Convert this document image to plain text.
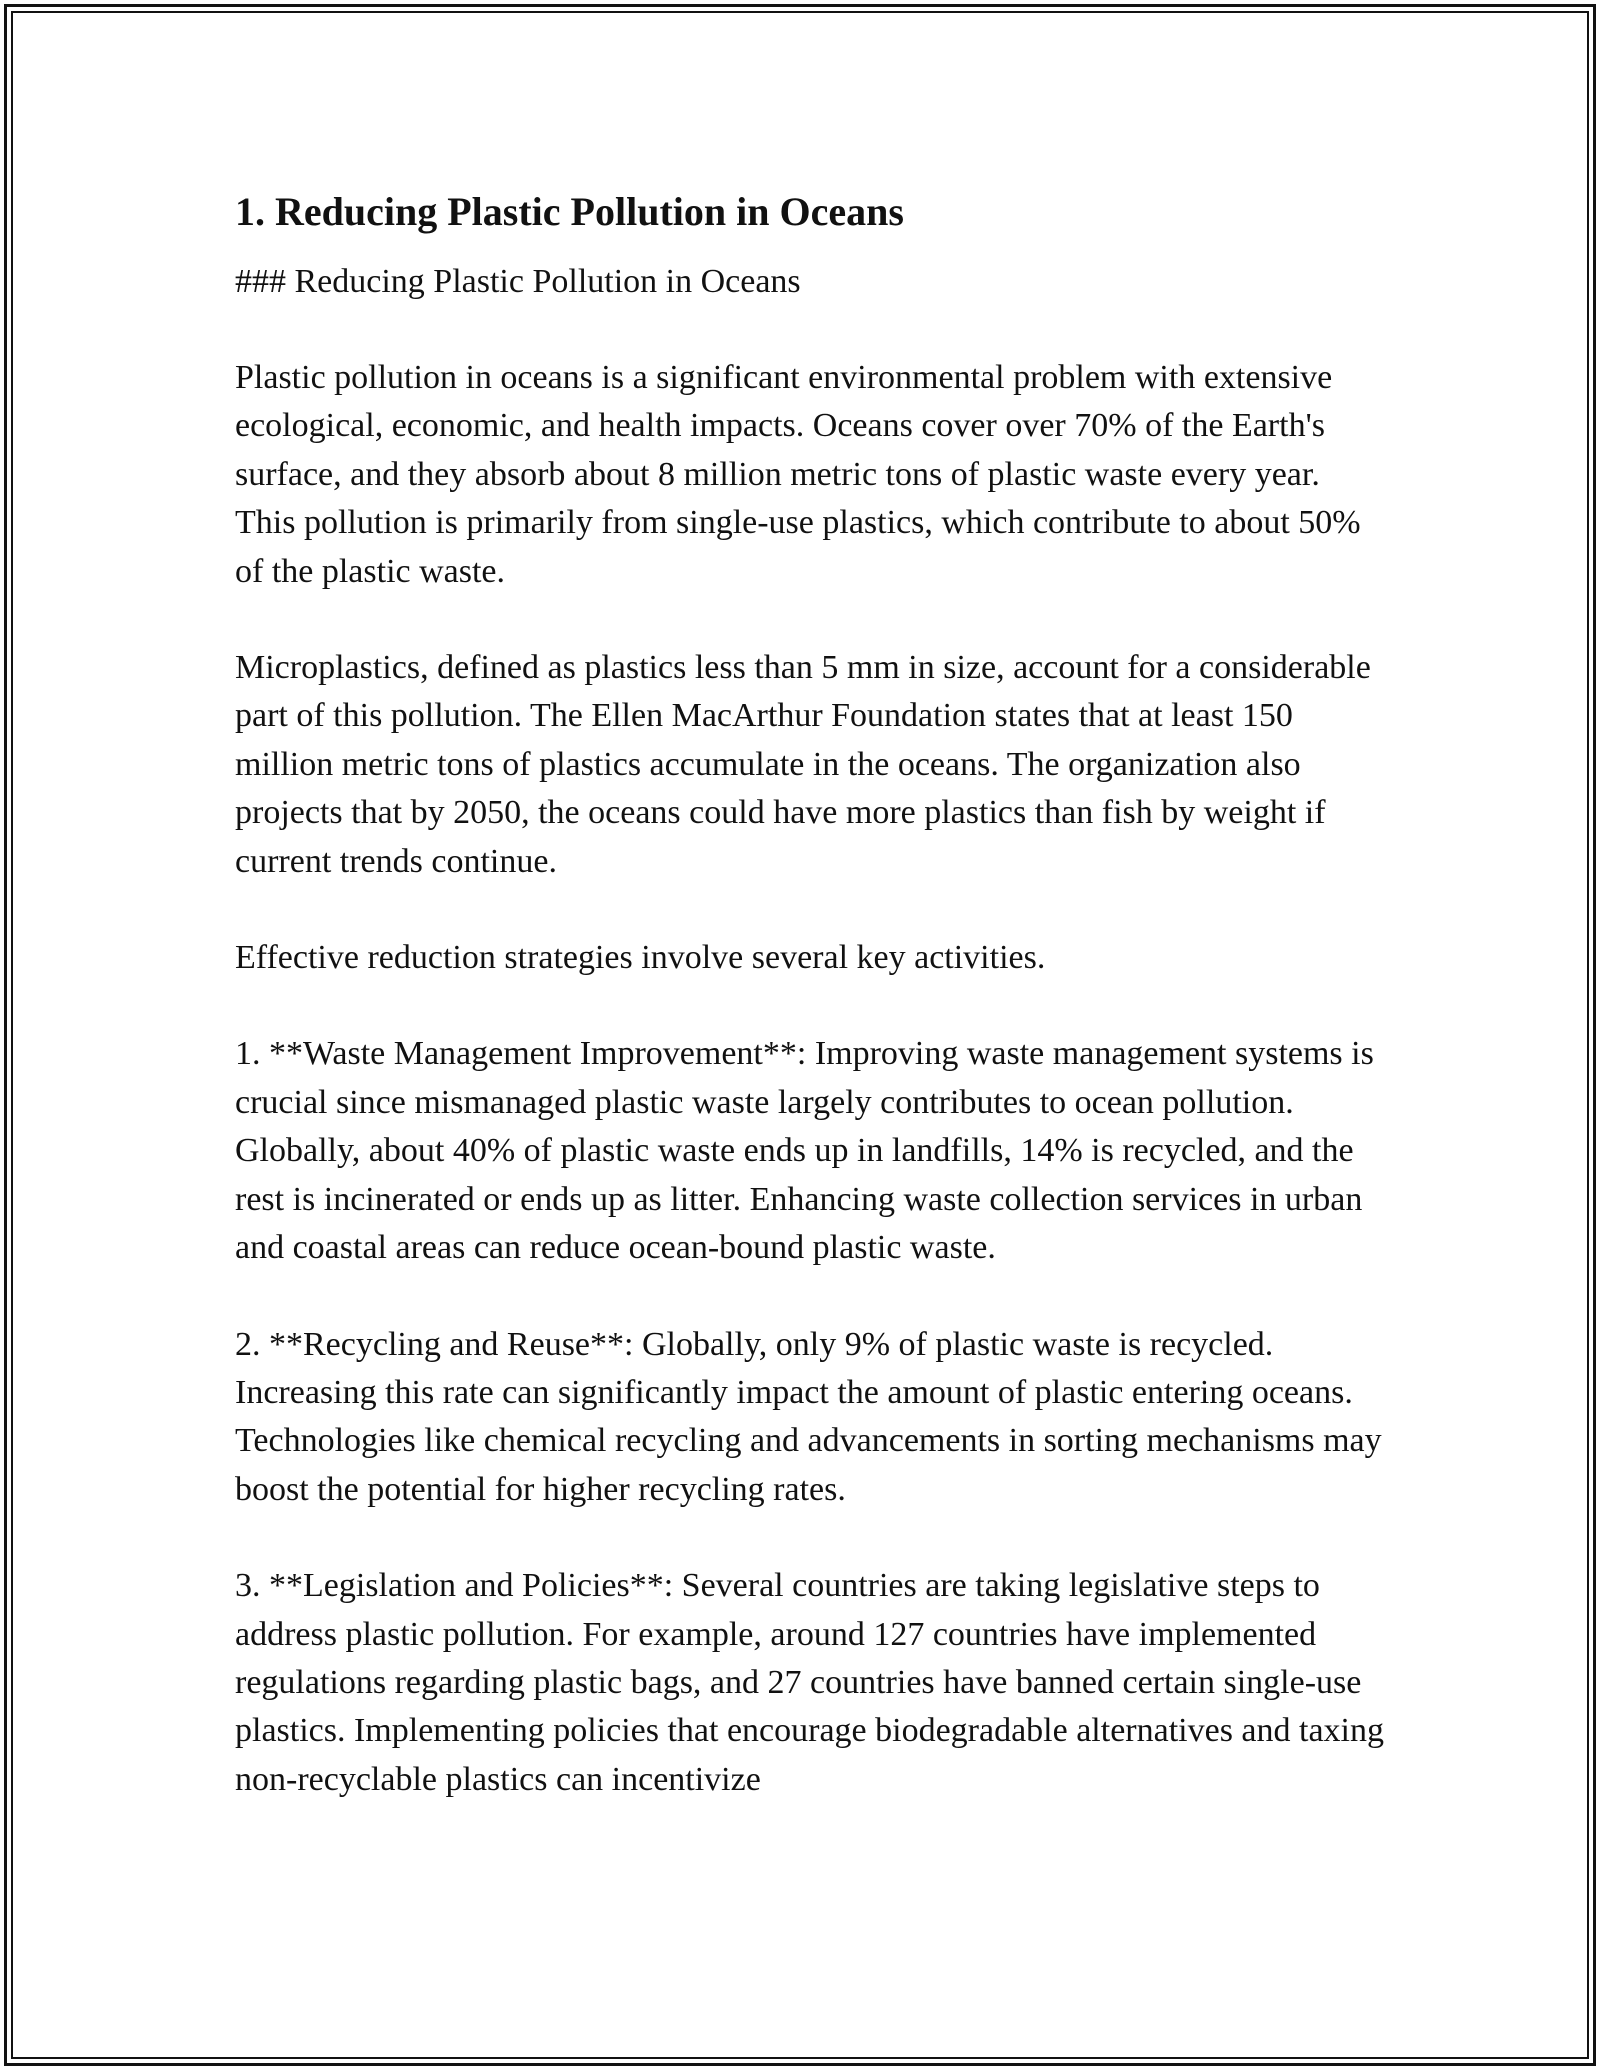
1. Reducing Plastic Pollution in Oceans
### Reducing Plastic Pollution in Oceans

Plastic pollution in oceans is a significant environmental problem with extensive ecological, economic, and health impacts. Oceans cover over 70% of the Earth's surface, and they absorb about 8 million metric tons of plastic waste every year. This pollution is primarily from single-use plastics, which contribute to about 50% of the plastic waste.

Microplastics, defined as plastics less than 5 mm in size, account for a considerable part of this pollution. The Ellen MacArthur Foundation states that at least 150 million metric tons of plastics accumulate in the oceans. The organization also projects that by 2050, the oceans could have more plastics than fish by weight if current trends continue.

Effective reduction strategies involve several key activities.

1. **Waste Management Improvement**: Improving waste management systems is crucial since mismanaged plastic waste largely contributes to ocean pollution. Globally, about 40% of plastic waste ends up in landfills, 14% is recycled, and the rest is incinerated or ends up as litter. Enhancing waste collection services in urban and coastal areas can reduce ocean-bound plastic waste.

2. **Recycling and Reuse**: Globally, only 9% of plastic waste is recycled. Increasing this rate can significantly impact the amount of plastic entering oceans. Technologies like chemical recycling and advancements in sorting mechanisms may boost the potential for higher recycling rates.

3. **Legislation and Policies**: Several countries are taking legislative steps to address plastic pollution. For example, around 127 countries have implemented regulations regarding plastic bags, and 27 countries have banned certain single-use plastics. Implementing policies that encourage biodegradable alternatives and taxing non-recyclable plastics can incentivize
